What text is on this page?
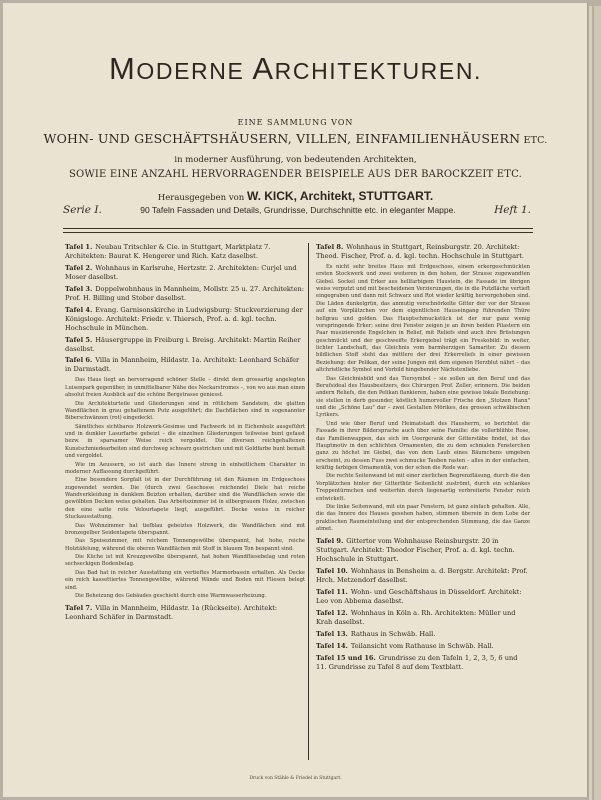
MODERNE ARCHITEKTUREN.
EINE SAMMLUNG VON
WOHN- UND GESCHÄFTSHÄUSERN, VILLEN, EINFAMILIENHÄUSERN ETC.
in moderner Ausführung, von bedeutenden Architekten,
SOWIE EINE ANZAHL HERVORRAGENDER BEISPIELE AUS DER BAROCKZEIT ETC.
Herausgegeben von W. KICK, Architekt, STUTTGART.
Serie I.	90 Tafeln Fassaden und Details, Grundrisse, Durchschnitte etc. in eleganter Mappe.	Heft 1.
Tafel 1. Neubau Tritschler & Cie. in Stuttgart, Marktplatz 7. Architekten: Baurat K. Hengerer und Rich. Katz daselbst.
Tafel 2. Wohnhaus in Karlsruhe, Hertzstr. 2. Architekten: Curjel und Moser daselbst.
Tafel 3. Doppelwohnhaus in Mannheim, Mollstr. 25 u. 27. Architekten: Prof. H. Billing und Stober daselbst.
Tafel 4. Evang. Garnisonskirche in Ludwigsburg: Stuckverzierung der Königsloge. Architekt: Friedr. v. Thiersch, Prof. a. d. kgl. techn. Hochschule in München.
Tafel 5. Häusergruppe in Freiburg i. Breisg. Architekt: Martin Reiher daselbst.
Tafel 6. Villa in Mannheim, Hildastr. 1a. Architekt: Leonhard Schäfer in Darmstadt.

Das Haus liegt an hervorragend schöner Stelle – direkt dem grossartig angelegten Luisenpark gegenüber, in unmittelbarer Nähe des Neckarstromes –, von wo aus man einen absolut freien Ausblick auf die schöne Bergstrasse geniesst.

Die Architekturteile und Gliederungen sind in rötlichem Sandstein, die glatten Wandflächen in grau gehaltenem Putz ausgeführt; die Dachflächen sind in sogenannter Biberschwänzen (rot) eingedeckt.

Sämtliches sichtbares Holzwerk-Gesimse und Fachwerk ist in Eichenholz ausgeführt und in dunkler Lasurfarbe gebeizt – die einzelnen Gliederungen teilweise bunt gefasst bezw. in sparsamer Weise reich vergoldet. Die diversen reichgehaltenen Kunstschmiedearbeiten sind durchweg schwarz gestrichen und mit Goldfarbe bunt bemalt und vergoldet.

Wie im Aeussern, so ist auch das Innere streng in einheitlichem Charakter in moderner Auffassung durchgeführt.

Eine besondere Sorgfalt ist in der Durchführung ist den Räumen im Erdgeschoss zugewendet worden. Die (durch zwei Geschosse reichende) Diele hat reiche Wandverkleidung in dunklem Beizton erhalten, darüber sind die Wandflächen sowie die gewölbten Decken weiss gehalten. Das Arbeitszimmer ist in silbergrauem Holze, zwischen den eine satte rote Velourtapete liegt, ausgeführt. Decke weiss in reicher Stuckausstattung.

Das Wohnzimmer hat tiefblau gebeiztes Holzwerk, die Wandflächen sind mit bronzegelber Seidentapete überspannt.

Das Speisezimmer, mit reichem Tonnengewölbe überspannt, hat hohe, reiche Holztäfelung, während die oberen Wandflächen mit Stoff in blauem Ton bespannt sind.

Die Küche ist mit Kreuzgewölbe überspannt, hat hohen Wandfliesebelag und roten sechseckigen Bodenbelag.

Das Bad hat in reicher Ausstattung ein vertieftes Marmorbassin erhalten. Als Decke ein reich kassettiertes Tonnengewölbe, während Wände und Boden mit Fliesen belegt sind.

Die Beheizung des Gebäudes geschieht durch eine Warmwasserheizung.

Tafel 7. Villa in Mannheim, Hildastr. 1a (Rückseite). Architekt: Leonhard Schäfer in Darmstadt.
Tafel 8. Wohnhaus in Stuttgart, Reinsburgstr. 20. Architekt: Theod. Fischer, Prof. a. d. kgl. techn. Hochschule in Stuttgart.

Es nicht sehr breites Haus mit Erdgeschoss, einem erkergeschmückten ersten Stockwerk und zwei weiteren in den hohen, der Strasse zugewandten Giebel. Sockel und Erker aus hellfarbigem Haustein, die Fassade im übrigen weiss verputzt und mit bescheidenen Verzierungen, die in die Putzfläche vertieft eingegraben und dann mit Schwarz und Rot wieder kräftig hervorgehoben sind. Die Läden dunkelgrün, das anmutig verschnörkelte Gitter der vor der Strasse auf ein Vorplätzchen vor dem eigentlichen Hauseingang führenden Thüre hellgrau und golden. Das Hauptschmuckstück ist der nur ganz wenig vorspringende Erker; seine drei Fenster zeigen je an ihren beiden Pilastern ein Paar musizierende Engelchen in Relief, mit Reliefs sind auch ihre Brüstungen geschmückt und der geschweifte Erkergiebel trägt ein Freskobild: in weiter, lichter Landschaft, das Gleichnis vom barmherzigen Samariter. Zu diesem bildlichen Stoff steht das mittlere der drei Erkerreliefs in einer gewissen Beziehung: der Pelikan, der seine Jungen mit dem eigenen Herzblut nährt – das altchristliche Symbol und Vorbild hingebender Nächstenliebe.

Das Gleichnisbild und das Tiersymbol – sie sollen an den Beruf und das Berufsideal des Hausbesitzers, des Chirurgen Prof. Zeller, erinnern. Die beiden andern Reliefs, die den Pelikan flankieren, haben eine gewisse lokale Beziehung: sie stellen in derb gesunder, köstlich humorvoller Frische den „Stotzen Hann" und die „Schöne Lau" dar – zwei Gestalten Mörikes, des grossen schwäbischen Lyrikers.

Und wie über Beruf und Heimatstadt des Hausherrn, so berichtet die Fassade in ihrer Bildersprache auch über seine Familie: die vollerblühte Rose, das Familienwappen, das sich im Ueergerank der Gitterstäbe findet, ist das Hauptmotiv in den schlichten Ornamenten, die zu dem schmalen Fensterchen ganz zu höchst im Giebel, das von dem Laub eines Bäumchens umgeben erscheint, zu dessen Fuss zwei schmucke Tauben rasten – alles in der einfachen, kräftig farbigen Ornamentik, von der schon die Rede war.

Die rechte Seitenwand ist mit einer zierlichen Begrenzfläsung, durch die den Vorplätzchen hinter der Gitterthür Seitenlicht zuströmt, durch ein schlankes Treppentürmchen und weiterhin durch liegenartig verbreiterte Fenster reich entwickelt.

Die linke Seitenwand, mit ein paar Fenstern, ist ganz einfach gehalten. Alle, die das Innere des Hauses gesehen haben, stimmen überein in dem Lobe der praktischen Raumeinteilung und der entsprechenden Stimmung, die das Ganze atmet.

Tafel 9. Gittertor vom Wohnhause Reinsburgstr. 20 in Stuttgart. Architekt: Theodor Fischer, Prof. a. d. kgl. techn. Hochschule in Stuttgart.
Tafel 10. Wohnhaus in Bensheim a. d. Bergstr. Architekt: Prof. Hrch. Metzendorf daselbst.
Tafel 11. Wohn- und Geschäftshaus in Düsseldorf. Architekt: Leo von Abbema daselbst.
Tafel 12. Wohnhaus in Köln a. Rh. Architekten: Müller und Krah daselbst.
Tafel 13. Rathaus in Schwäb. Hall.
Tafel 14. Teilansicht vom Rathause in Schwäb. Hall.
Tafel 15 und 16. Grundrisse zu den Tafeln 1, 2, 3, 5, 6 und 11. Grundrisse zu Tafel 8 auf dem Textblatt.
Druck von Stähle & Friedel in Stuttgart.
